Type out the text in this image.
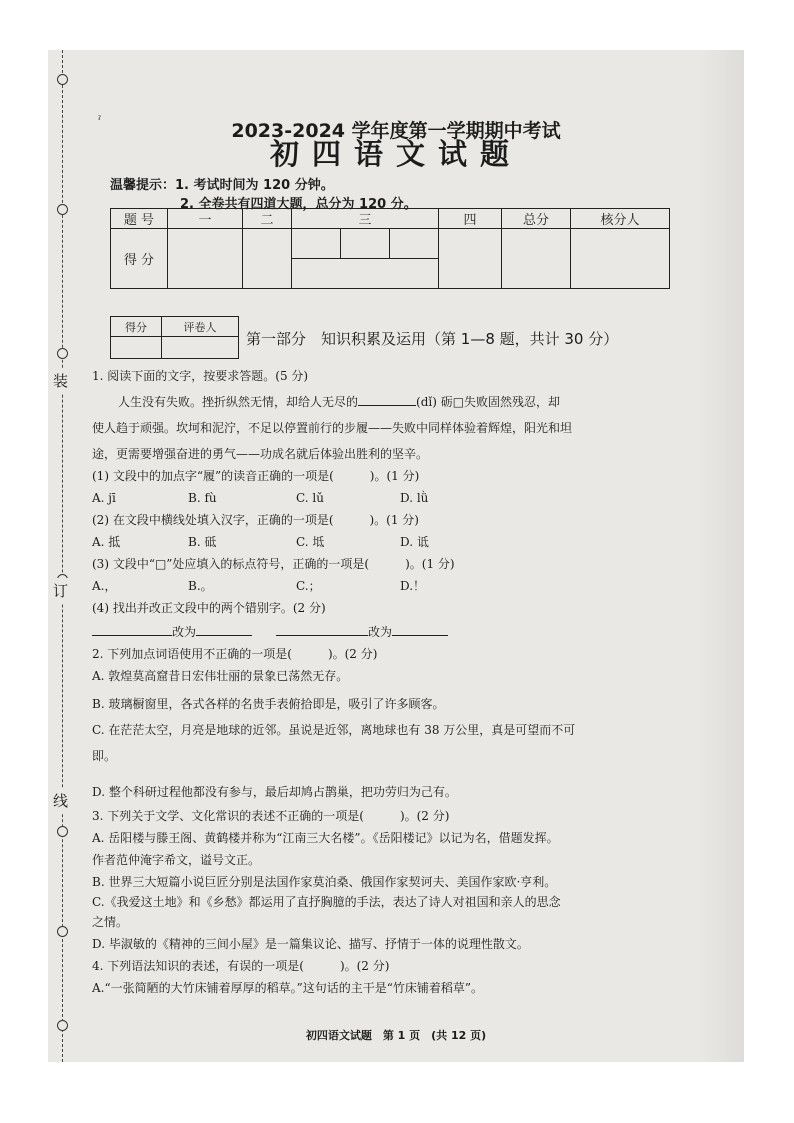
装
订
线
ˀ	2023-2024 学年度第一学期期中考试
初四语文试题
温馨提示：1. 考试时间为 120 分钟。
2. 全卷共有四道大题，总分为 120 分。
题 号	一	二	三			四	总分	核分人
得 分								

得分	评卷人

第一部分　知识积累及运用（第 1—8 题，共计 30 分）
1. 阅读下面的文字，按要求答题。(5 分)
人生没有失败。挫折纵然无情，却给人无尽的	(dǐ) 砺□失败固然残忍，却
使人趋于顽强。坎坷和泥泞，不足以停置前行的步履——失败中同样体验着辉煌，阳光和坦
途，更需要增强奋进的勇气——功成名就后体验出胜利的坚辛。
(1) 文段中的加点字“履”的读音正确的一项是(　　　)。(1 分)
A. jī	B. fù	C. lǔ	D. lǜ
(2) 在文段中横线处填入汉字，正确的一项是(　　　)。(1 分)
A. 抵	B. 砥	C. 坻	D. 诋
(3) 文段中“□”处应填入的标点符号，正确的一项是(　　　)。(1 分)
A.，	B.。	C.；	D.！
(4) 找出并改正文段中的两个错别字。(2 分)
改为　　	改为
2. 下列加点词语使用不正确的一项是(　　　)。(2 分)
A. 敦煌莫高窟昔日宏伟壮丽的景象已荡然无存。
B. 玻璃橱窗里，各式各样的名贵手表俯拾即是，吸引了许多顾客。
C. 在茫茫太空，月亮是地球的近邻。虽说是近邻，离地球也有 38 万公里，真是可望而不可
即。
D. 整个科研过程他都没有参与，最后却鸠占鹊巢，把功劳归为己有。
3. 下列关于文学、文化常识的表述不正确的一项是(　　　)。(2 分)
A. 岳阳楼与滕王阁、黄鹤楼并称为“江南三大名楼”。《岳阳楼记》以记为名，借题发挥。
作者范仲淹字希文，谥号文正。
B. 世界三大短篇小说巨匠分别是法国作家莫泊桑、俄国作家契诃夫、美国作家欧·亨利。
C.《我爱这土地》和《乡愁》都运用了直抒胸臆的手法，表达了诗人对祖国和亲人的思念
之情。
D. 毕淑敏的《精神的三间小屋》是一篇集议论、描写、抒情于一体的说理性散文。
4. 下列语法知识的表述，有误的一项是(　　　)。(2 分)
A.“一张简陋的大竹床铺着厚厚的稻草。”这句话的主干是“竹床铺着稻草”。
初四语文试题　第 1 页　(共 12 页)
